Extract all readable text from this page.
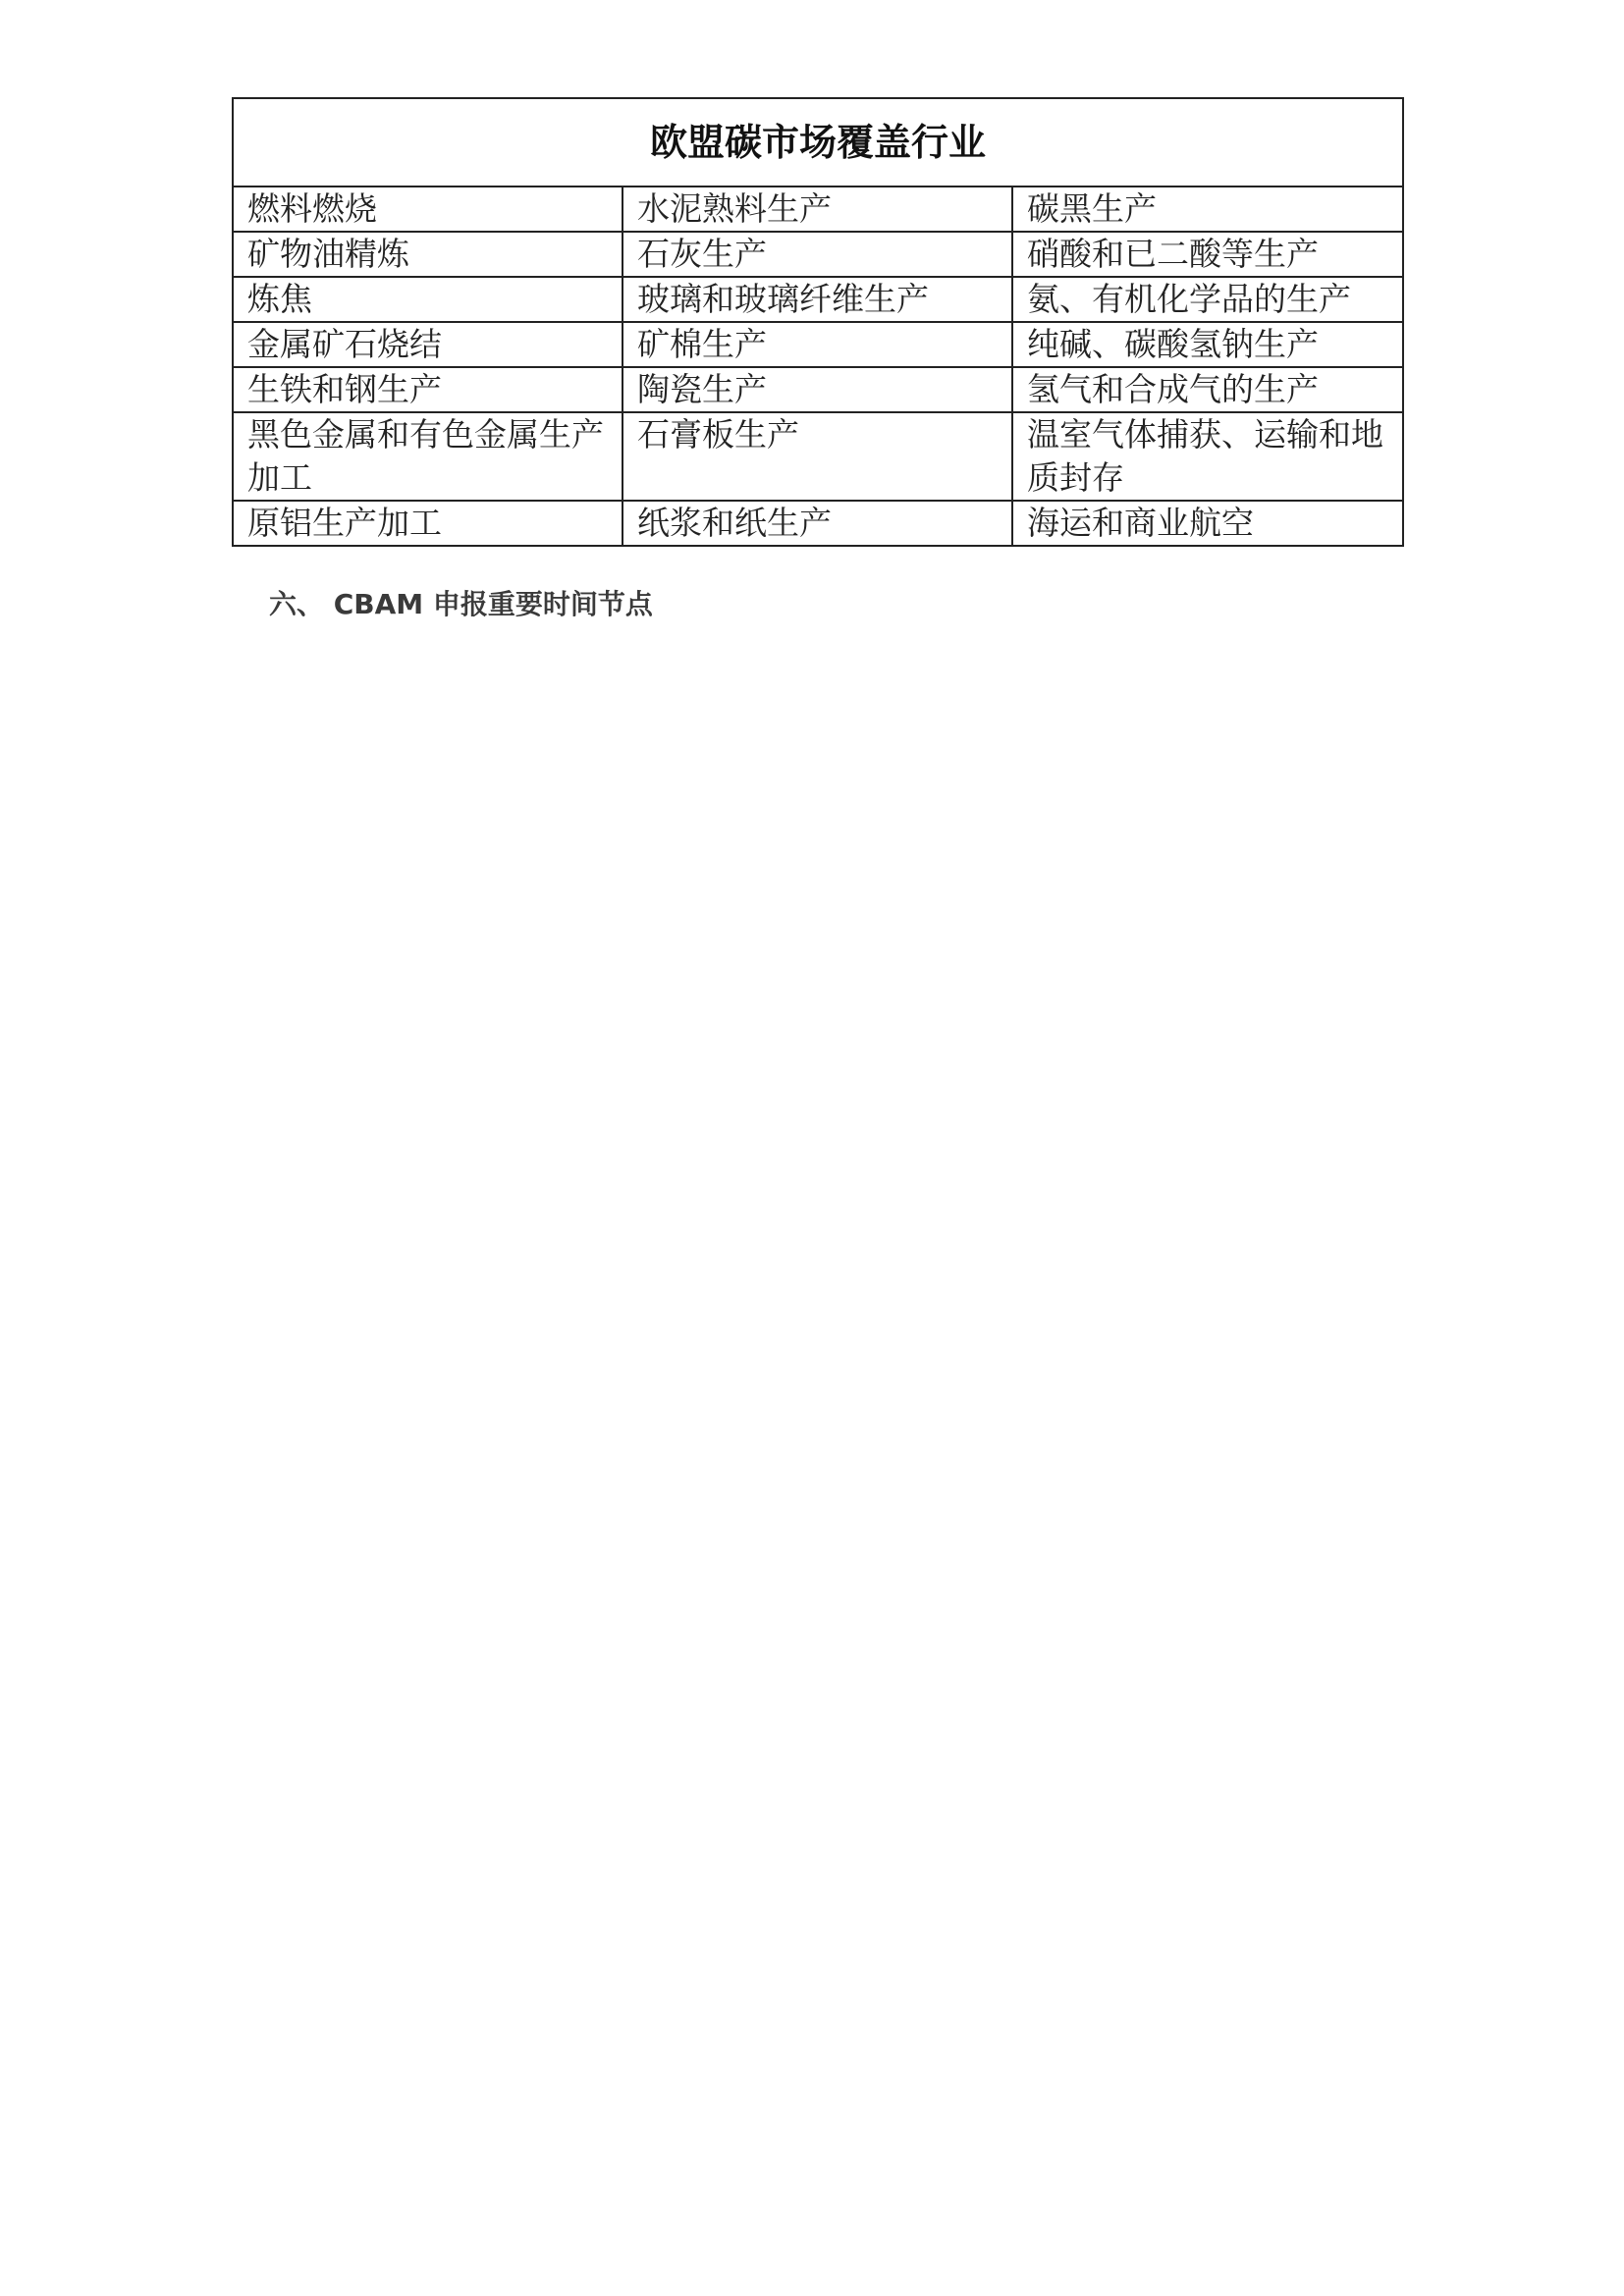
欧盟碳市场覆盖行业		
燃料燃烧	水泥熟料生产	碳黑生产
矿物油精炼	石灰生产	硝酸和已二酸等生产
炼焦	玻璃和玻璃纤维生产	氨、有机化学品的生产
金属矿石烧结	矿棉生产	纯碱、碳酸氢钠生产
生铁和钢生产	陶瓷生产	氢气和合成气的生产
黑色金属和有色金属生产加工	石膏板生产	温室气体捕获、运输和地质封存
原铝生产加工	纸浆和纸生产	海运和商业航空
六、 CBAM 申报重要时间节点
